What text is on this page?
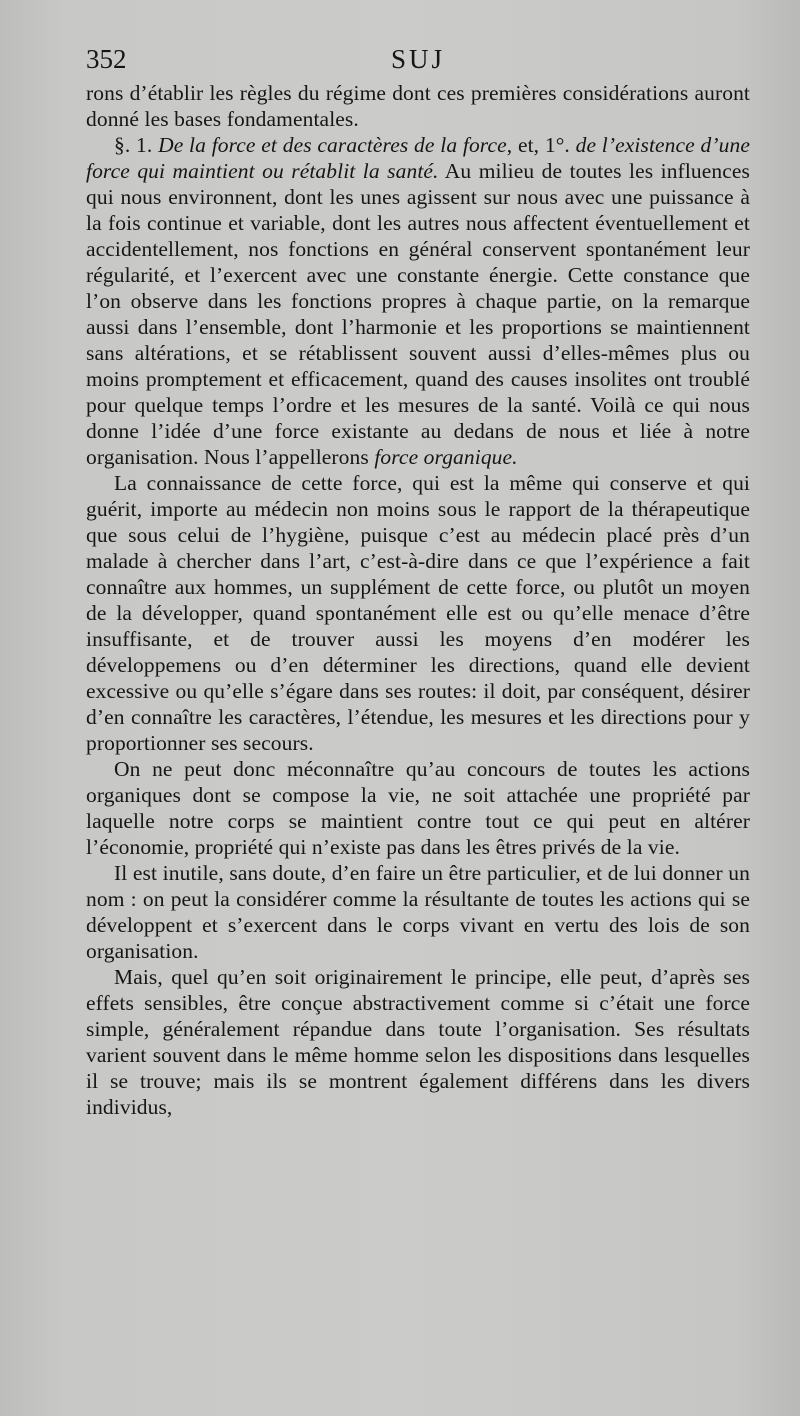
352	SUJ

rons d’établir les règles du régime dont ces premières considérations auront donné les bases fondamentales.

§. 1. De la force et des caractères de la force, et, 1°. de l’existence d’une force qui maintient ou rétablit la santé. Au milieu de toutes les influences qui nous environnent, dont les unes agissent sur nous avec une puissance à la fois continue et variable, dont les autres nous affectent éventuellement et accidentellement, nos fonctions en général conservent spontanément leur régularité, et l’exercent avec une constante énergie. Cette constance que l’on observe dans les fonctions propres à chaque partie, on la remarque aussi dans l’ensemble, dont l’harmonie et les proportions se maintiennent sans altérations, et se rétablissent souvent aussi d’elles-mêmes plus ou moins promptement et efficacement, quand des causes insolites ont troublé pour quelque temps l’ordre et les mesures de la santé. Voilà ce qui nous donne l’idée d’une force existante au dedans de nous et liée à notre organisation. Nous l’appellerons force organique.

La connaissance de cette force, qui est la même qui conserve et qui guérit, importe au médecin non moins sous le rapport de la thérapeutique que sous celui de l’hygiène, puisque c’est au médecin placé près d’un malade à chercher dans l’art, c’est-à-dire dans ce que l’expérience a fait connaître aux hommes, un supplément de cette force, ou plutôt un moyen de la développer, quand spontanément elle est ou qu’elle menace d’être insuffisante, et de trouver aussi les moyens d’en modérer les développemens ou d’en déterminer les directions, quand elle devient excessive ou qu’elle s’égare dans ses routes: il doit, par conséquent, désirer d’en connaître les caractères, l’étendue, les mesures et les directions pour y proportionner ses secours.

On ne peut donc méconnaître qu’au concours de toutes les actions organiques dont se compose la vie, ne soit attachée une propriété par laquelle notre corps se maintient contre tout ce qui peut en altérer l’économie, propriété qui n’existe pas dans les êtres privés de la vie.

Il est inutile, sans doute, d’en faire un être particulier, et de lui donner un nom : on peut la considérer comme la résultante de toutes les actions qui se développent et s’exercent dans le corps vivant en vertu des lois de son organisation.

Mais, quel qu’en soit originairement le principe, elle peut, d’après ses effets sensibles, être conçue abstractivement comme si c’était une force simple, généralement répandue dans toute l’organisation. Ses résultats varient souvent dans le même homme selon les dispositions dans lesquelles il se trouve; mais ils se montrent également différens dans les divers individus,
